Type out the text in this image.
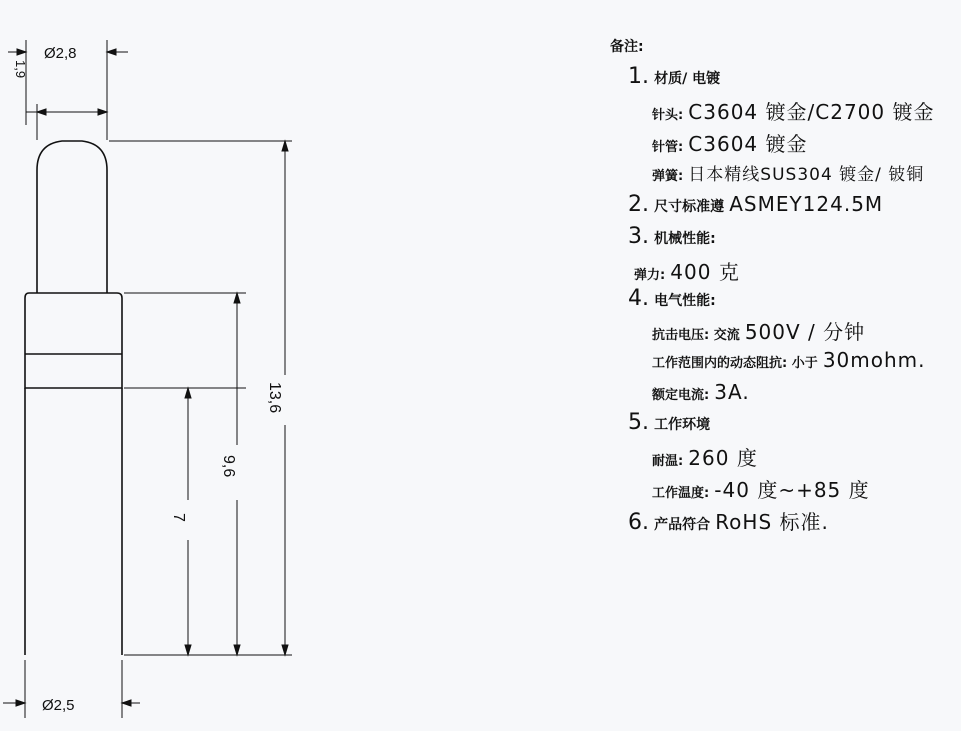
Ø2,8
1,9
13,6
9,6
7
Ø2,5
备注:
1. 材质/ 电镀
针头: C3604 镀金/C2700 镀金
针管: C3604 镀金
弹簧: 日本精线SUS304 镀金/ 铍铜
2. 尺寸标准遵 ASMEY124.5M
3. 机械性能:
弹力: 400 克
4. 电气性能:
抗击电压: 交流 500V / 分钟
工作范围内的动态阻抗: 小于 30mohm.
额定电流: 3A.
5. 工作环境
耐温: 260 度
工作温度: -40 度~+85 度
6. 产品符合 RoHS 标准.
